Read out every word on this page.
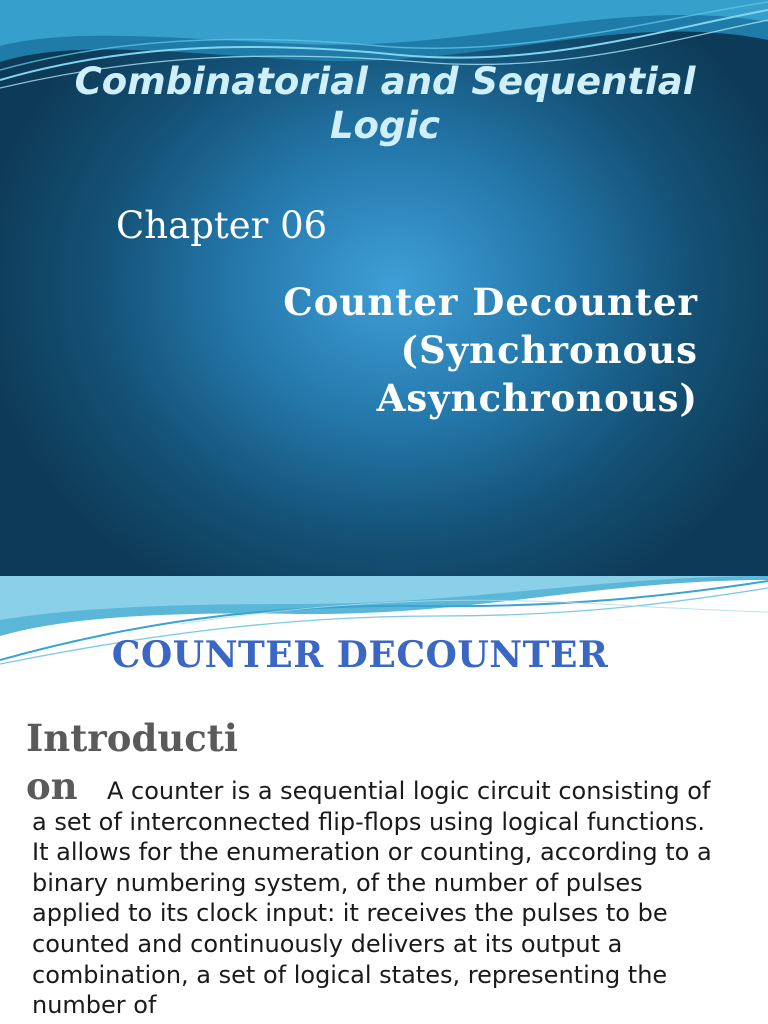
Combinatorial and Sequential Logic
Chapter 06
Counter Decounter
(Synchronous
Asynchronous)
COUNTER DECOUNTER
Introduction	A counter is a sequential logic circuit consisting of a set of interconnected flip-flops using logical functions. It allows for the enumeration or counting, according to a binary numbering system, of the number of pulses applied to its clock input: it receives the pulses to be counted and continuously delivers at its output a combination, a set of logical states, representing the number of
